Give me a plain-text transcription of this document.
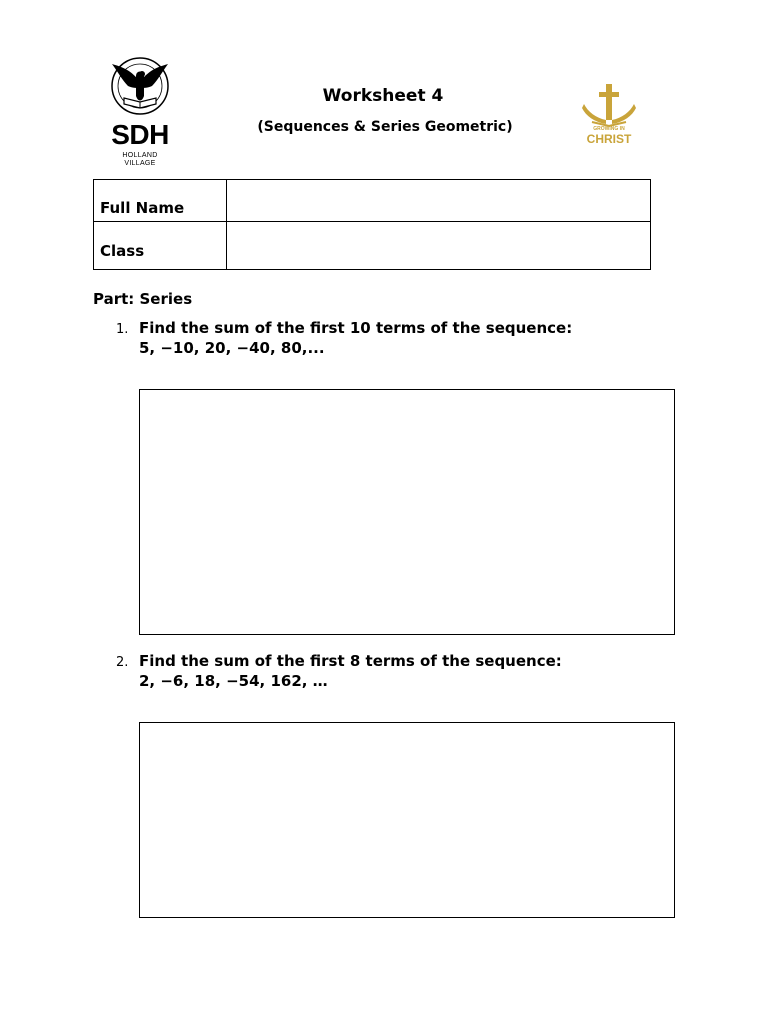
SDH
HOLLAND
VILLAGE
Worksheet 4
(Sequences & Series Geometric)	GROWING IN
CHRIST
Full Name	
Class	
Part: Series
1. Find the sum of the first 10 terms of the sequence:
5, −10, 20, −40, 80,...
2. Find the sum of the first 8 terms of the sequence:
2, −6, 18, −54, 162, …
